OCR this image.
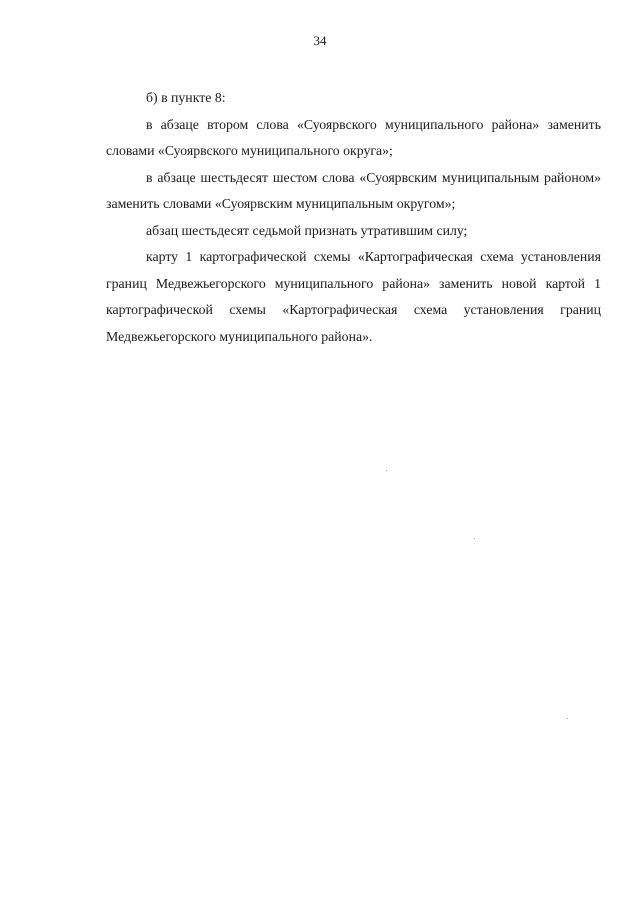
34

б) в пункте 8:

в абзаце втором слова «Суоярвского муниципального района» заменить словами «Суоярвского муниципального округа»;

в абзаце шестьдесят шестом слова «Суоярвским муниципальным районом» заменить словами «Суоярвским муниципальным округом»;

абзац шестьдесят седьмой признать утратившим силу;

карту 1 картографической схемы «Картографическая схема установления границ Медвежьегорского муниципального района» заменить новой картой 1 картографической схемы «Картографическая схема установления границ Медвежьегорского муниципального района».
